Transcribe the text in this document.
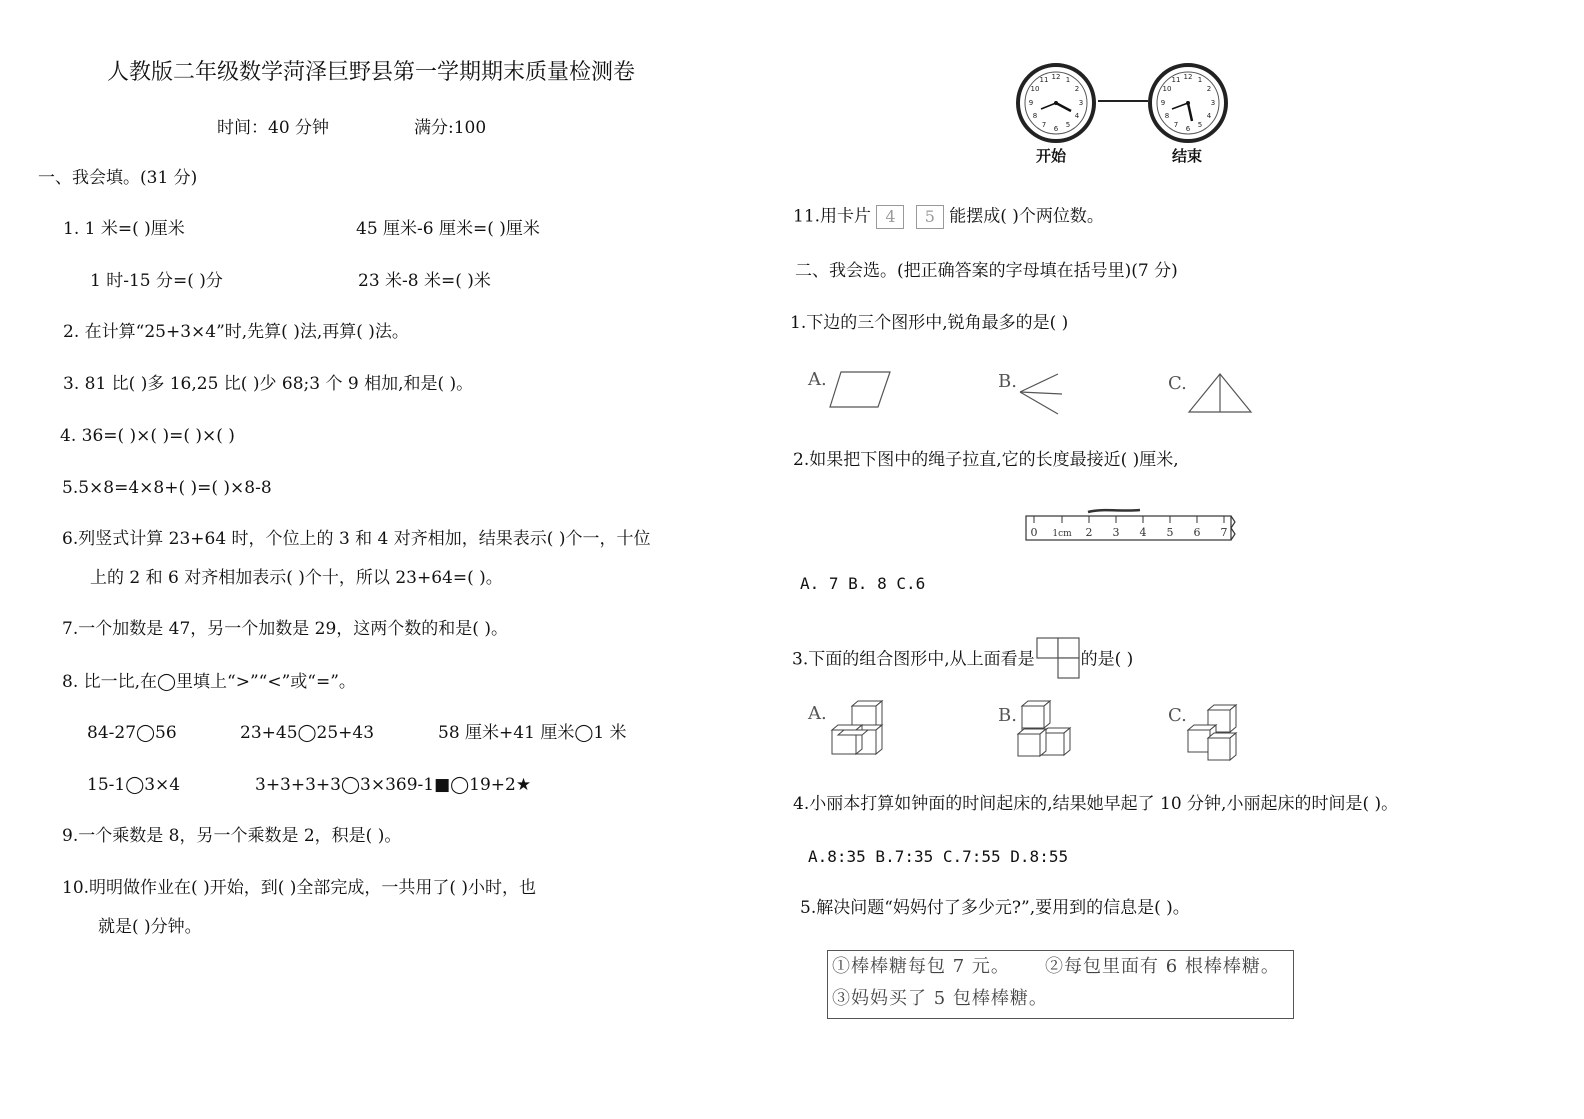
人教版二年级数学菏泽巨野县第一学期期末质量检测卷
时间：40 分钟	满分:100
一、我会填。(31 分)
1. 1 米=( )厘米	45 厘米-6 厘米=( )厘米
1 时-15 分=( )分	23 米-8 米=( )米
2. 在计算“25+3×4”时,先算( )法,再算( )法。
3. 81 比( )多 16,25 比( )少 68;3 个 9 相加,和是( )。
4. 36=( )×( )=( )×( )
5.5×8=4×8+( )=( )×8-8
6.列竖式计算 23+64 时，个位上的 3 和 4 对齐相加，结果表示( )个一，十位
上的 2 和 6 对齐相加表示( )个十，所以 23+64=( )。
7.一个加数是 47，另一个加数是 29，这两个数的和是( )。
8. 比一比,在◯里填上“>”“<”或“=”。
84-27◯56	23+45◯25+43	58 厘米+41 厘米◯1 米
15-1◯3×4	3+3+3+3◯3×369-1■◯19+2★
9.一个乘数是 8，另一个乘数是 2，积是( )。
10.明明做作业在( )开始，到( )全部完成，一共用了( )小时，也
就是( )分钟。
12 1
2
3
4
5
6
7
8
9
10
11	12 1
2
3
4
5
6
7
8
9
10
11
开始	结束
11.用卡片 4 5 能摆成( )个两位数。
二、我会选。(把正确答案的字母填在括号里)(7 分)
1.下边的三个图形中,锐角最多的是( )
A.	B.	C.
2.如果把下图中的绳子拉直,它的长度最接近( )厘米,
0 1cm 2 3 4 5 6 7
A. 7 B. 8 C.6
3.下面的组合图形中,从上面看是	的是( )
A.	B.	C.
4.小丽本打算如钟面的时间起床的,结果她早起了 10 分钟,小丽起床的时间是( )。
A.8:35 B.7:35 C.7:55 D.8:55
5.解决问题“妈妈付了多少元?”,要用到的信息是( )。
①棒棒糖每包 7 元。 ②每包里面有 6 根棒棒糖。
③妈妈买了 5 包棒棒糖。
